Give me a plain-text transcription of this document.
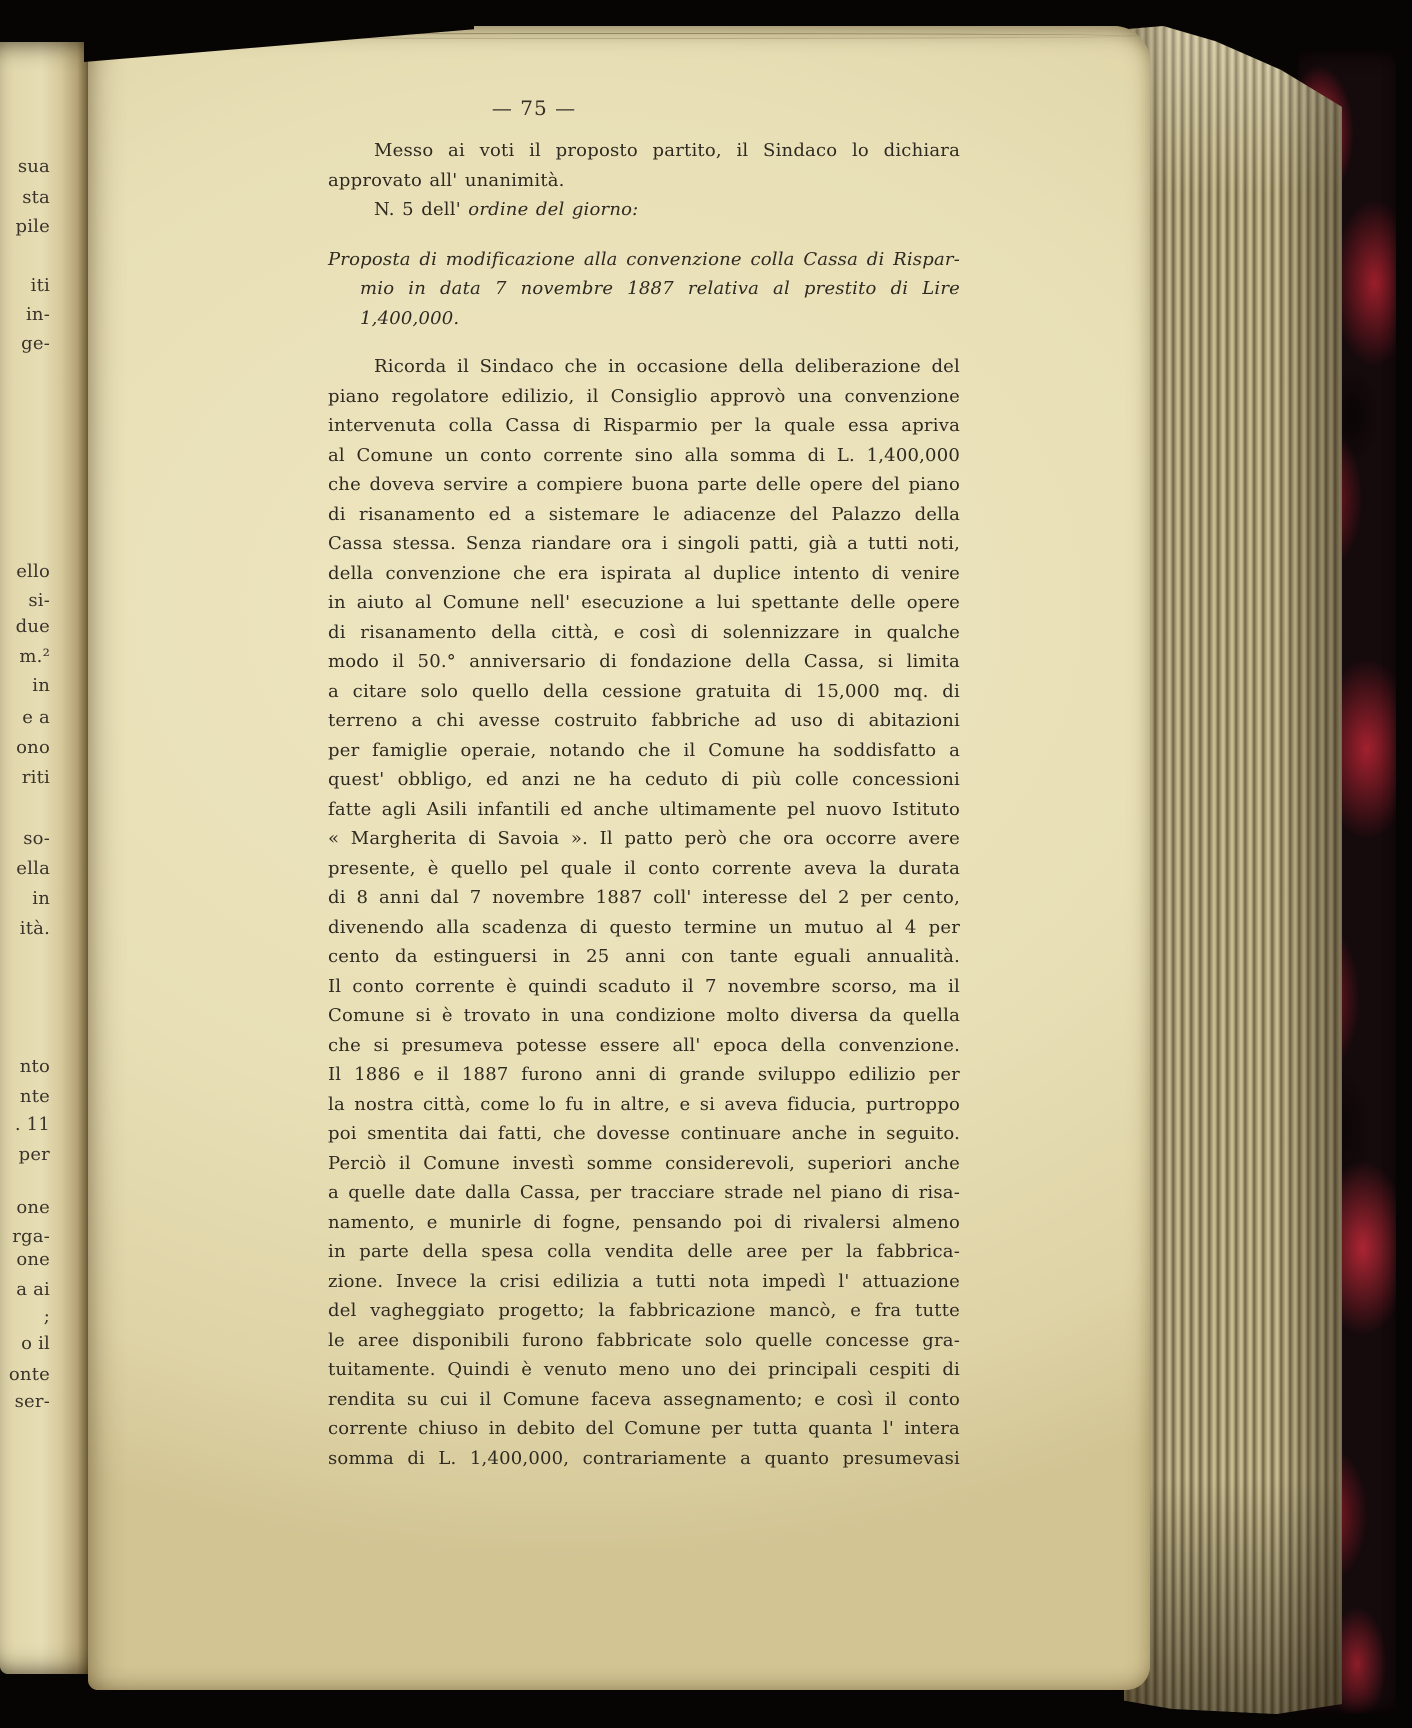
sua
sta
pile
iti
in-
ge-
ello
si-
due
m.²
in
e a
ono
riti
so-
ella
in
ità.
nto
nte
. 11
per
one
rga-
one
a ai
;
o il
onte
ser-
— 75 —
Messo ai voti il proposto partito, il Sindaco lo dichiara
approvato all' unanimità.
N. 5 dell' ordine del giorno:
Proposta di modificazione alla convenzione colla Cassa di Rispar-
mio in data 7 novembre 1887 relativa al prestito di Lire
1,400,000.
Ricorda il Sindaco che in occasione della deliberazione del
piano regolatore edilizio, il Consiglio approvò una convenzione
intervenuta colla Cassa di Risparmio per la quale essa apriva
al Comune un conto corrente sino alla somma di L. 1,400,000
che doveva servire a compiere buona parte delle opere del piano
di risanamento ed a sistemare le adiacenze del Palazzo della
Cassa stessa. Senza riandare ora i singoli patti, già a tutti noti,
della convenzione che era ispirata al duplice intento di venire
in aiuto al Comune nell' esecuzione a lui spettante delle opere
di risanamento della città, e così di solennizzare in qualche
modo il 50.° anniversario di fondazione della Cassa, si limita
a citare solo quello della cessione gratuita di 15,000 mq. di
terreno a chi avesse costruito fabbriche ad uso di abitazioni
per famiglie operaie, notando che il Comune ha soddisfatto a
quest' obbligo, ed anzi ne ha ceduto di più colle concessioni
fatte agli Asili infantili ed anche ultimamente pel nuovo Istituto
« Margherita di Savoia ». Il patto però che ora occorre avere
presente, è quello pel quale il conto corrente aveva la durata
di 8 anni dal 7 novembre 1887 coll' interesse del 2 per cento,
divenendo alla scadenza di questo termine un mutuo al 4 per
cento da estinguersi in 25 anni con tante eguali annualità.
Il conto corrente è quindi scaduto il 7 novembre scorso, ma il
Comune si è trovato in una condizione molto diversa da quella
che si presumeva potesse essere all' epoca della convenzione.
Il 1886 e il 1887 furono anni di grande sviluppo edilizio per
la nostra città, come lo fu in altre, e si aveva fiducia, purtroppo
poi smentita dai fatti, che dovesse continuare anche in seguito.
Perciò il Comune investì somme considerevoli, superiori anche
a quelle date dalla Cassa, per tracciare strade nel piano di risa-
namento, e munirle di fogne, pensando poi di rivalersi almeno
in parte della spesa colla vendita delle aree per la fabbrica-
zione. Invece la crisi edilizia a tutti nota impedì l' attuazione
del vagheggiato progetto; la fabbricazione mancò, e fra tutte
le aree disponibili furono fabbricate solo quelle concesse gra-
tuitamente. Quindi è venuto meno uno dei principali cespiti di
rendita su cui il Comune faceva assegnamento; e così il conto
corrente chiuso in debito del Comune per tutta quanta l' intera
somma di L. 1,400,000, contrariamente a quanto presumevasi
